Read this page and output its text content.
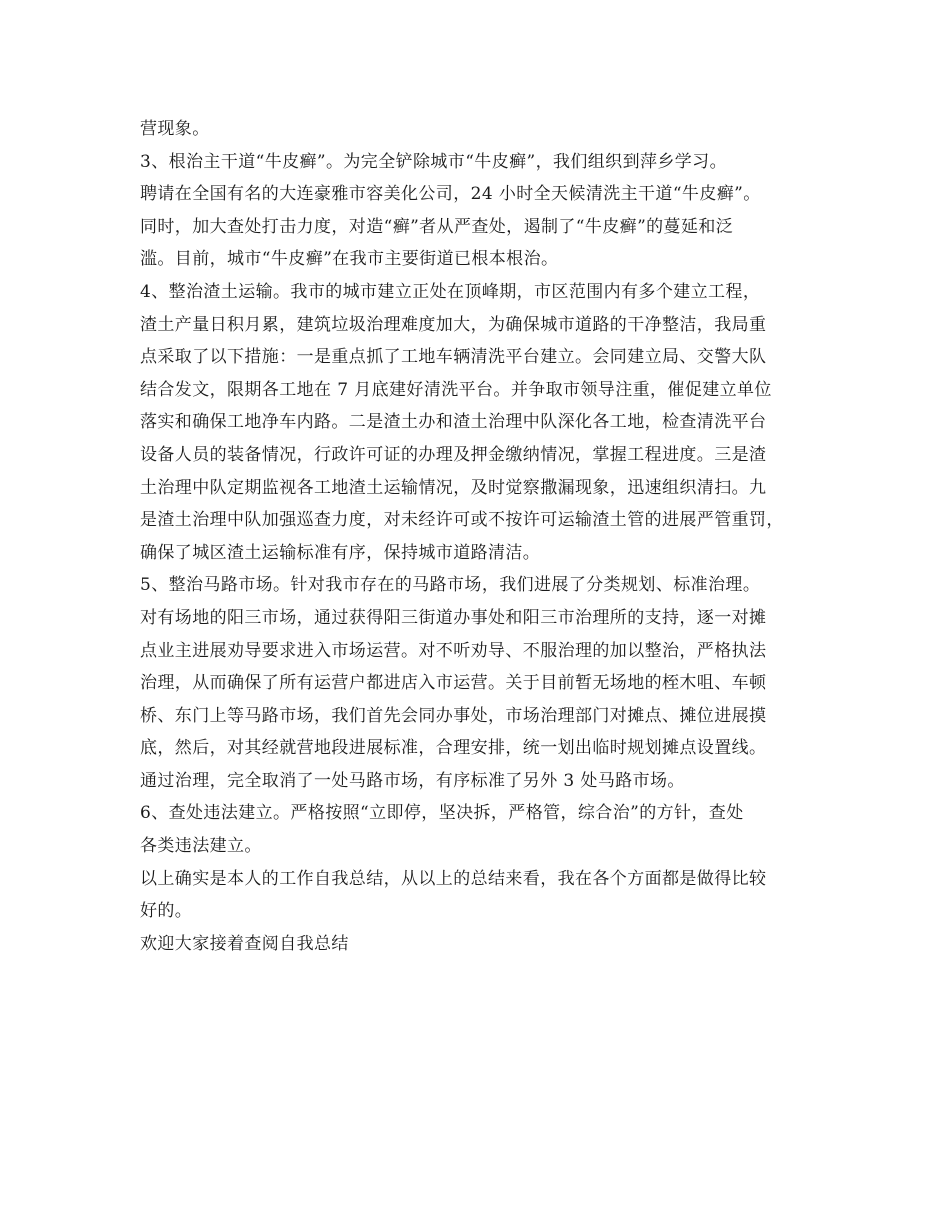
营现象。
3、根治主干道“牛皮癣”。为完全铲除城市“牛皮癣”，我们组织到萍乡学习。
聘请在全国有名的大连豪雅市容美化公司，24 小时全天候清洗主干道“牛皮癣”。
同时，加大查处打击力度，对造“癣”者从严查处，遏制了“牛皮癣”的蔓延和泛
滥。目前，城市“牛皮癣”在我市主要街道已根本根治。
4、整治渣土运输。我市的城市建立正处在顶峰期，市区范围内有多个建立工程，
渣土产量日积月累，建筑垃圾治理难度加大，为确保城市道路的干净整洁，我局重
点采取了以下措施：一是重点抓了工地车辆清洗平台建立。会同建立局、交警大队
结合发文，限期各工地在 7 月底建好清洗平台。并争取市领导注重，催促建立单位
落实和确保工地净车内路。二是渣土办和渣土治理中队深化各工地，检查清洗平台
设备人员的装备情况，行政许可证的办理及押金缴纳情况，掌握工程进度。三是渣
土治理中队定期监视各工地渣土运输情况，及时觉察撒漏现象，迅速组织清扫。九
是渣土治理中队加强巡查力度，对未经许可或不按许可运输渣土管的进展严管重罚，
确保了城区渣土运输标准有序，保持城市道路清洁。
5、整治马路市场。针对我市存在的马路市场，我们进展了分类规划、标准治理。
对有场地的阳三市场，通过获得阳三街道办事处和阳三市治理所的支持，逐一对摊
点业主进展劝导要求进入市场运营。对不听劝导、不服治理的加以整治，严格执法
治理，从而确保了所有运营户都进店入市运营。关于目前暂无场地的桎木咀、车顿
桥、东门上等马路市场，我们首先会同办事处，市场治理部门对摊点、摊位进展摸
底，然后，对其经就营地段进展标准，合理安排，统一划出临时规划摊点设置线。
通过治理，完全取消了一处马路市场，有序标准了另外 3 处马路市场。
6、查处违法建立。严格按照“立即停，坚决拆，严格管，综合治”的方针，查处
各类违法建立。
以上确实是本人的工作自我总结，从以上的总结来看，我在各个方面都是做得比较
好的。
欢迎大家接着查阅自我总结
